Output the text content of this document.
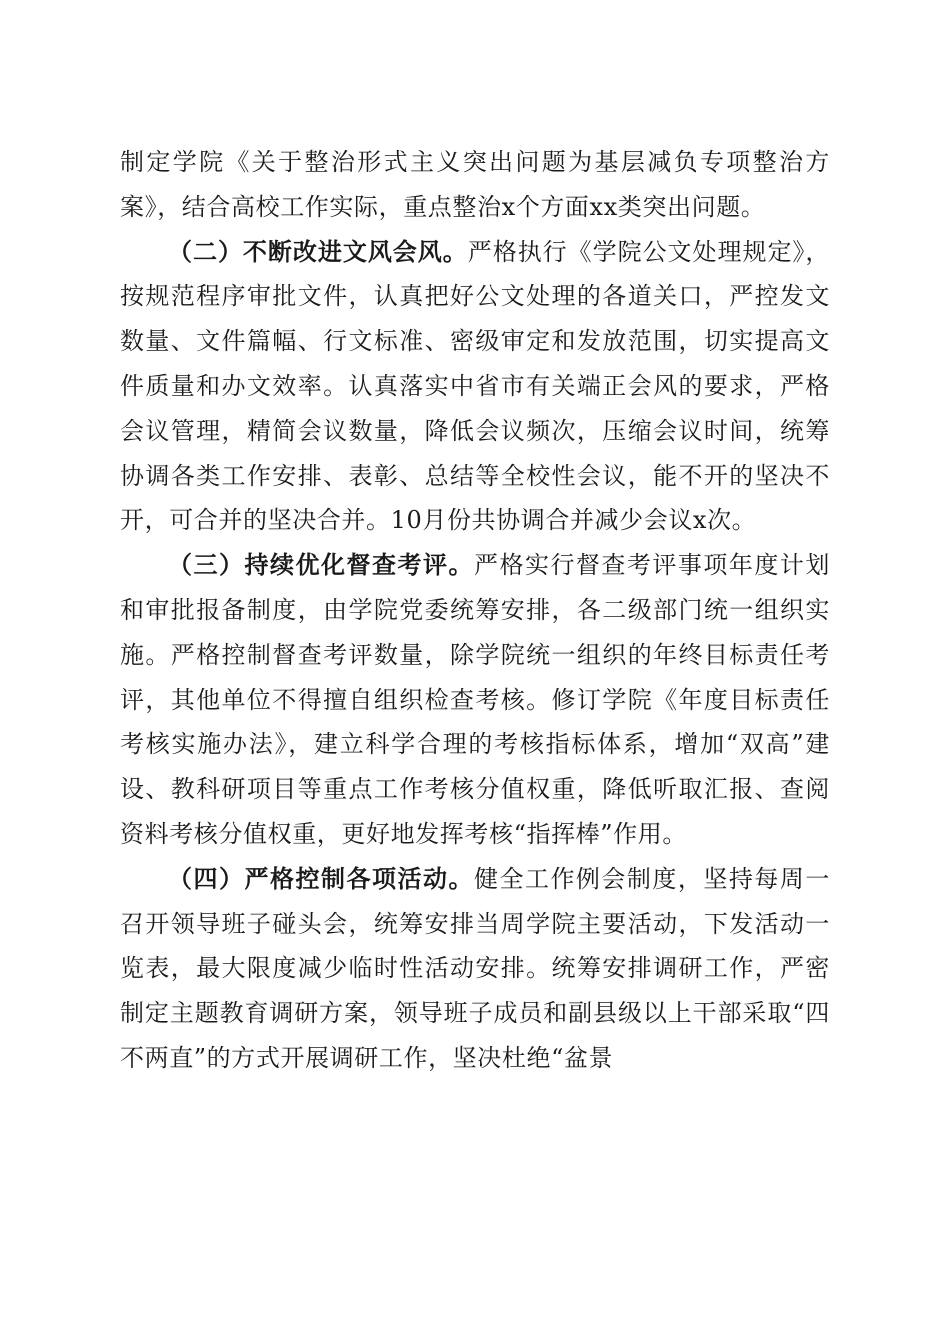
制定学院《关于整治形式主义突出问题为基层减负专项整治方案》，结合高校工作实际，重点整治x个方面xx类突出问题。

（二）不断改进文风会风。严格执行《学院公文处理规定》，按规范程序审批文件，认真把好公文处理的各道关口，严控发文数量、文件篇幅、行文标准、密级审定和发放范围，切实提高文件质量和办文效率。认真落实中省市有关端正会风的要求，严格会议管理，精简会议数量，降低会议频次，压缩会议时间，统筹协调各类工作安排、表彰、总结等全校性会议，能不开的坚决不开，可合并的坚决合并。10月份共协调合并减少会议x次。

（三）持续优化督查考评。严格实行督查考评事项年度计划和审批报备制度，由学院党委统筹安排，各二级部门统一组织实施。严格控制督查考评数量，除学院统一组织的年终目标责任考评，其他单位不得擅自组织检查考核。修订学院《年度目标责任考核实施办法》，建立科学合理的考核指标体系，增加“双高”建设、教科研项目等重点工作考核分值权重，降低听取汇报、查阅资料考核分值权重，更好地发挥考核“指挥棒”作用。

（四）严格控制各项活动。健全工作例会制度，坚持每周一召开领导班子碰头会，统筹安排当周学院主要活动，下发活动一览表，最大限度减少临时性活动安排。统筹安排调研工作，严密制定主题教育调研方案，领导班子成员和副县级以上干部采取“四不两直”的方式开展调研工作，坚决杜绝“盆景
